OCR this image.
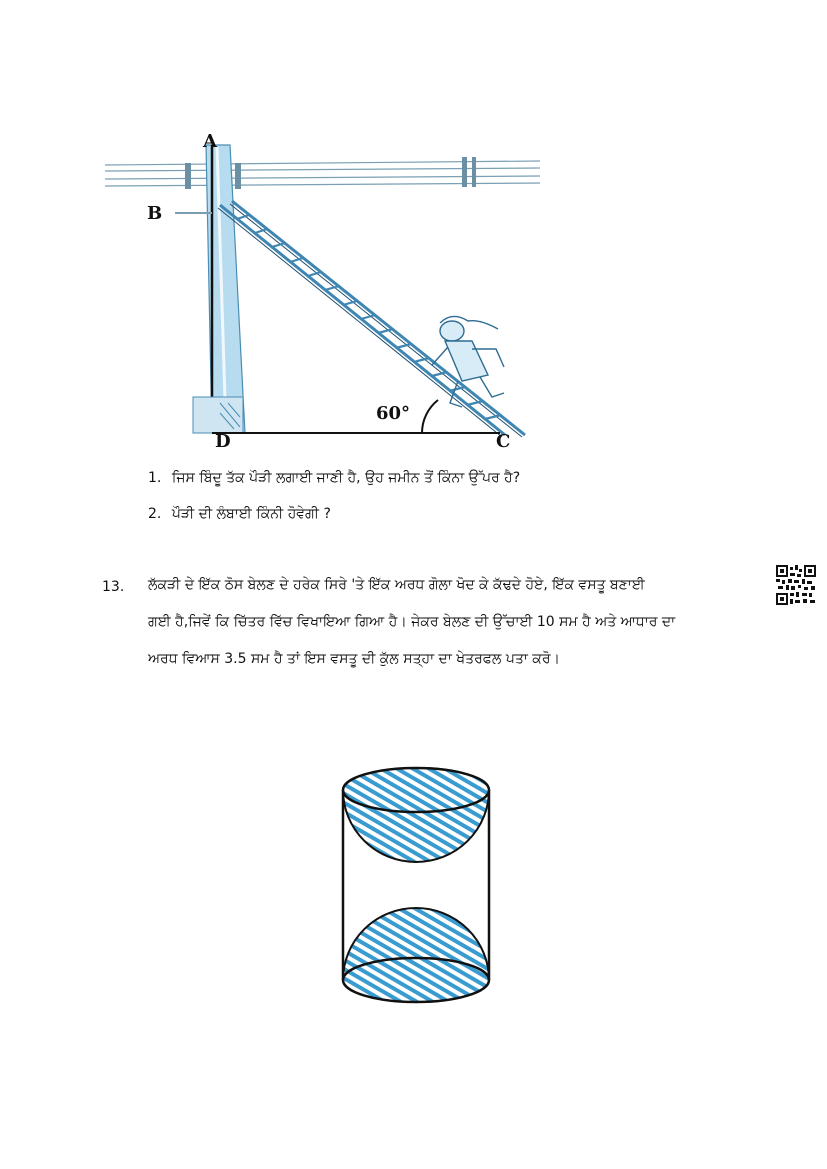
A
B
60°
D	C
1. ਜਿਸ ਬਿੰਦੂ ਤੱਕ ਪੌੜੀ ਲਗਾਈ ਜਾਣੀ ਹੈ, ਉਹ ਜਮੀਨ ਤੋਂ ਕਿੰਨਾ ਉੱਪਰ ਹੈ?
2. ਪੌੜੀ ਦੀ ਲੰਬਾਈ ਕਿੰਨੀ ਹੋਵੇਗੀ ?
13. ਲੱਕੜੀ ਦੇ ਇੱਕ ਠੋਸ ਬੇਲਣ ਦੇ ਹਰੇਕ ਸਿਰੇ 'ਤੇ ਇੱਕ ਅਰਧ ਗੋਲਾ ਖੋਦ ਕੇ ਕੱਢਦੇ ਹੋਏ, ਇੱਕ ਵਸਤੂ ਬਣਾਈ
ਗਈ ਹੈ,ਜਿਵੇਂ ਕਿ ਚਿੱਤਰ ਵਿੱਚ ਵਿਖਾਇਆ ਗਿਆ ਹੈ। ਜੇਕਰ ਬੇਲਣ ਦੀ ਉੱਚਾਈ 10 ਸਮ ਹੈ ਅਤੇ ਆਧਾਰ ਦਾ
ਅਰਧ ਵਿਆਸ 3.5 ਸਮ ਹੈ ਤਾਂ ਇਸ ਵਸਤੂ ਦੀ ਕੁੱਲ ਸਤ੍ਹਾ ਦਾ ਖੇਤਰਫਲ ਪਤਾ ਕਰੋ।
